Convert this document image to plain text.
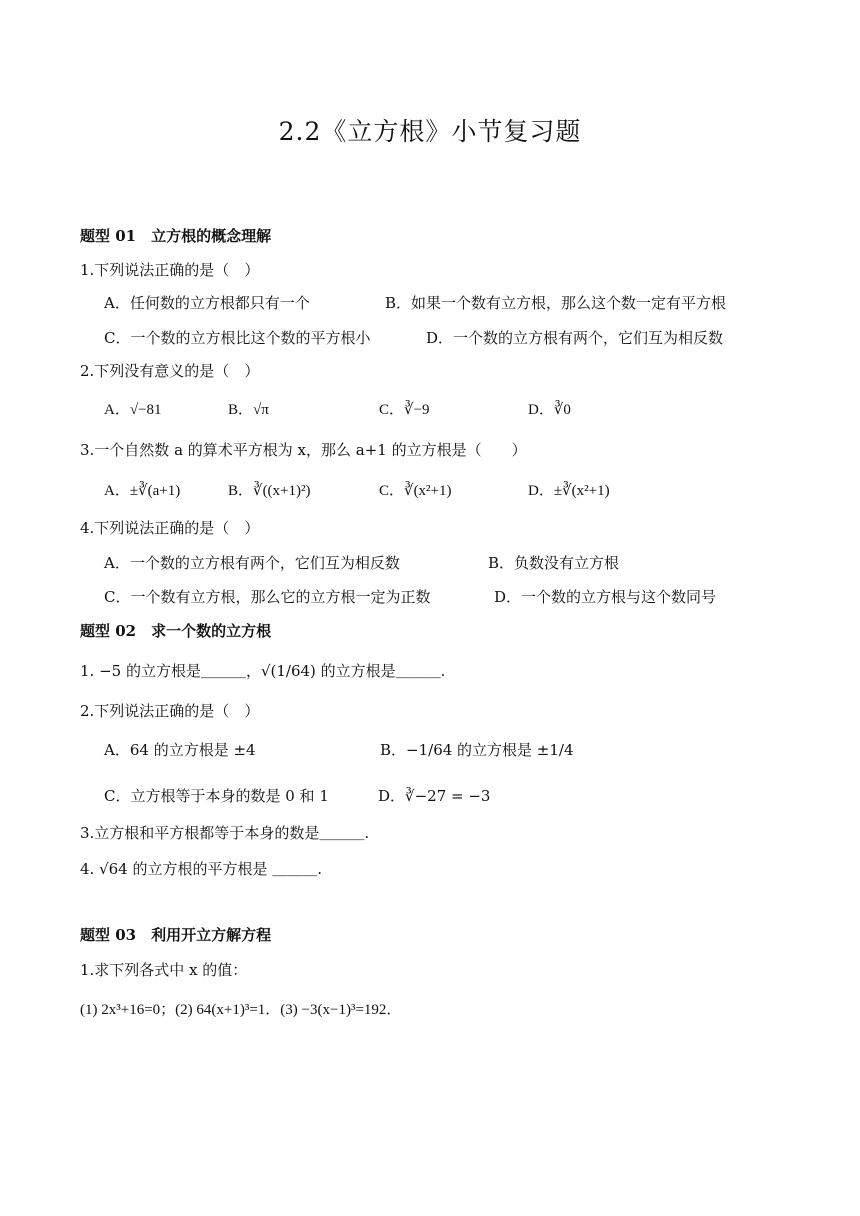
2.2《立方根》小节复习题
题型 01　立方根的概念理解
1.下列说法正确的是（　）
A．任何数的立方根都只有一个	B．如果一个数有立方根，那么这个数一定有平方根
C．一个数的立方根比这个数的平方根小	D．一个数的立方根有两个，它们互为相反数
2.下列没有意义的是（　）
A．√−81	B．√π	C．∛−9	D．∛0
3.一个自然数 a 的算术平方根为 x，那么 a+1 的立方根是（　　）
A．±∛(a+1)	B．∛((x+1)²)	C．∛(x²+1)	D．±∛(x²+1)
4.下列说法正确的是（　）
A．一个数的立方根有两个，它们互为相反数	B．负数没有立方根
C．一个数有立方根，那么它的立方根一定为正数	D．一个数的立方根与这个数同号
题型 02　求一个数的立方根
1. −5 的立方根是＿＿＿，√(1/64) 的立方根是＿＿＿.
2.下列说法正确的是（　）
A．64 的立方根是 ±4	B．−1/64 的立方根是 ±1/4
C．立方根等于本身的数是 0 和 1	D．∛−27 = −3
3.立方根和平方根都等于本身的数是＿＿＿.
4. √64 的立方根的平方根是 ＿＿＿.
题型 03　利用开立方解方程
1.求下列各式中 x 的值：
(1) 2x³+16=0；(2) 64(x+1)³=1．(3) −3(x−1)³=192．
